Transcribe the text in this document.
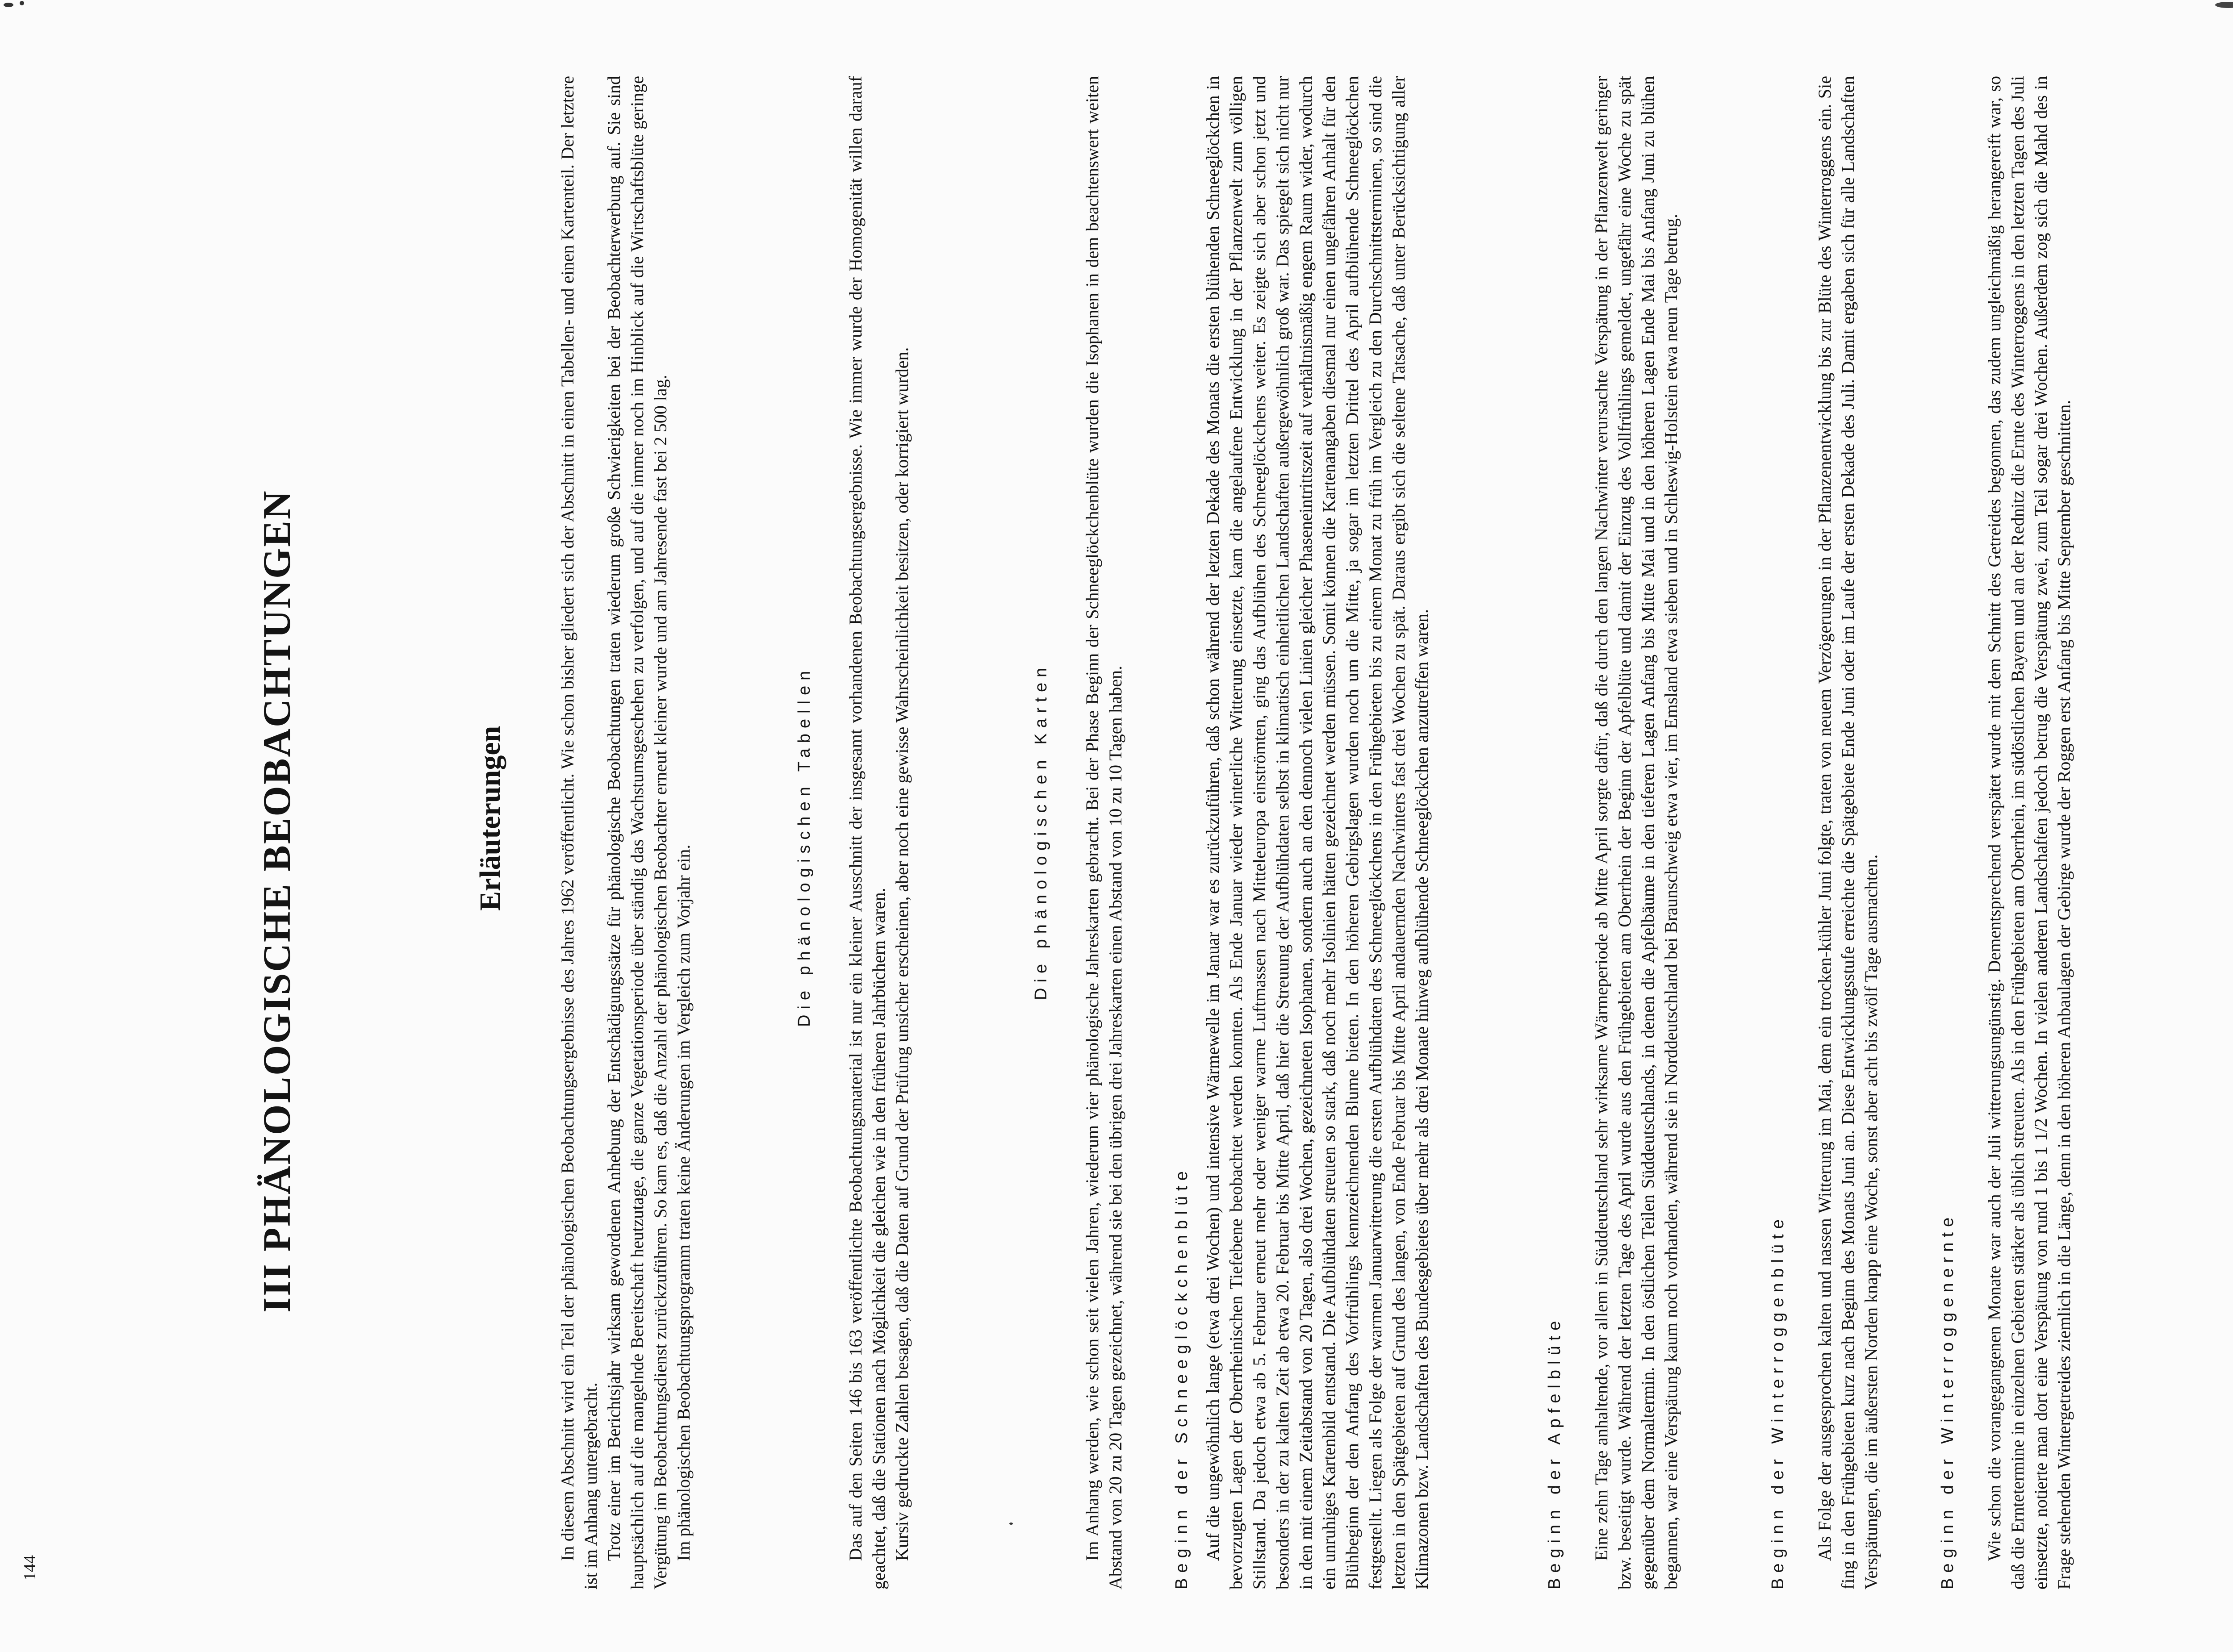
144
III PHÄNOLOGISCHE BEOBACHTUNGEN	Erläuterungen	In diesem Abschnitt wird ein Teil der phänologischen Beobachtungsergebnisse des Jahres 1962 veröffentlicht. Wie schon bisher gliedert sich der Abschnitt in einen Tabellen- und einen Kartenteil. Der letztere ist im Anhang untergebracht. Trotz einer im Berichtsjahr wirksam gewordenen Anhebung der Entschädigungssätze für phänologische Beobachtungen traten wiederum große Schwierigkeiten bei der Beobachterwerbung auf. Sie sind hauptsächlich auf die mangelnde Bereitschaft heutzutage, die ganze Vegetationsperiode über ständig das Wachstumsgeschehen zu verfolgen, und auf die immer noch im Hinblick auf die Wirtschaftsblüte geringe Vergütung im Beobachtungsdienst zurückzuführen. So kam es, daß die Anzahl der phänologischen Beobachter erneut kleiner wurde und am Jahresende fast bei 2 500 lag. Im phänologischen Beobachtungsprogramm traten keine Änderungen im Vergleich zum Vorjahr ein.	Die phänologischen Tabellen Das auf den Seiten 146 bis 163 veröffentlichte Beobachtungsmaterial ist nur ein kleiner Ausschnitt der insgesamt vorhandenen Beobachtungsergebnisse. Wie immer wurde der Homogenität willen darauf geachtet, daß die Stationen nach Möglichkeit die gleichen wie in den früheren Jahrbüchern waren. Kursiv gedruckte Zahlen besagen, daß die Daten auf Grund der Prüfung unsicher erscheinen, aber noch eine gewisse Wahrscheinlichkeit besitzen, oder korrigiert wurden.	Die phänologischen Karten Im Anhang werden, wie schon seit vielen Jahren, wiederum vier phänologische Jahreskarten gebracht. Bei der Phase Beginn der Schneeglöckchenblüte wurden die Isophanen in dem beachtenswert weiten Abstand von 20 zu 20 Tagen gezeichnet, während sie bei den übrigen drei Jahreskarten einen Abstand von 10 zu 10 Tagen haben.	Beginn der Schneeglöckchenblüte Auf die ungewöhnlich lange (etwa drei Wochen) und intensive Wärmewelle im Januar war es zurückzuführen, daß schon während der letzten Dekade des Monats die ersten blühenden Schneeglöckchen in bevorzugten Lagen der Oberrheinischen Tiefebene beobachtet werden konnten. Als Ende Januar wieder winterliche Witterung einsetzte, kam die angelaufene Entwicklung in der Pflanzenwelt zum völligen Stillstand. Da jedoch etwa ab 5. Februar erneut mehr oder weniger warme Luftmassen nach Mitteleuropa einströmten, ging das Aufblühen des Schneeglöckchens weiter. Es zeigte sich aber schon jetzt und besonders in der zu kalten Zeit ab etwa 20. Februar bis Mitte April, daß hier die Streuung der Aufblühdaten selbst in klimatisch einheitlichen Landschaften außergewöhnlich groß war. Das spiegelt sich nicht nur in den mit einem Zeitabstand von 20 Tagen, also drei Wochen, gezeichneten Isophanen, sondern auch an den dennoch vielen Linien gleicher Phaseneintrittszeit auf verhältnismäßig engem Raum wider, wodurch ein unruhiges Kartenbild entstand. Die Aufblühdaten streuten so stark, daß noch mehr Isolinien hätten gezeichnet werden müssen. Somit können die Kartenangaben diesmal nur einen ungefähren Anhalt für den Blühbeginn der den Anfang des Vorfrühlings kennzeichnenden Blume bieten. In den höheren Gebirgslagen wurden noch um die Mitte, ja sogar im letzten Drittel des April aufblühende Schneeglöckchen festgestellt. Liegen als Folge der warmen Januarwitterung die ersten Aufblühdaten des Schneeglöckchens in den Frühgebieten bis zu einem Monat zu früh im Vergleich zu den Durchschnittsterminen, so sind die letzten in den Spätgebieten auf Grund des langen, von Ende Februar bis Mitte April andauernden Nachwinters fast drei Wochen zu spät. Daraus ergibt sich die seltene Tatsache, daß unter Berücksichtigung aller Klimazonen bzw. Landschaften des Bundesgebietes über mehr als drei Monate hinweg aufblühende Schneeglöckchen anzutreffen waren.	Beginn der Apfelblüte Eine zehn Tage anhaltende, vor allem in Süddeutschland sehr wirksame Wärmeperiode ab Mitte April sorgte dafür, daß die durch den langen Nachwinter verursachte Verspätung in der Pflanzenwelt geringer bzw. beseitigt wurde. Während der letzten Tage des April wurde aus den Frühgebieten am Oberrhein der Beginn der Apfelblüte und damit der Einzug des Vollfrühlings gemeldet, ungefähr eine Woche zu spät gegenüber dem Normaltermin. In den östlichen Teilen Süddeutschlands, in denen die Apfelbäume in den tieferen Lagen Anfang bis Mitte Mai und in den höheren Lagen Ende Mai bis Anfang Juni zu blühen begannen, war eine Verspätung kaum noch vorhanden, während sie in Norddeutschland bei Braunschweig etwa vier, im Emsland etwa sieben und in Schleswig-Holstein etwa neun Tage betrug.	Beginn der Winterroggenblüte Als Folge der ausgesprochen kalten und nassen Witterung im Mai, dem ein trocken-kühler Juni folgte, traten von neuem Verzögerungen in der Pflanzenentwicklung bis zur Blüte des Winterroggens ein. Sie fing in den Frühgebieten kurz nach Beginn des Monats Juni an. Diese Entwicklungsstufe erreichte die Spätgebiete Ende Juni oder im Laufe der ersten Dekade des Juli. Damit ergaben sich für alle Landschaften Verspätungen, die im äußersten Norden knapp eine Woche, sonst aber acht bis zwölf Tage ausmachten.	Beginn der Winterroggenernte Wie schon die vorangegangenen Monate war auch der Juli witterungsungünstig. Dementsprechend verspätet wurde mit dem Schnitt des Getreides begonnen, das zudem ungleichmäßig herangereift war, so daß die Erntetermine in einzelnen Gebieten stärker als üblich streuten. Als in den Frühgebieten am Oberrhein, im südöstlichen Bayern und an der Rednitz die Ernte des Winterroggens in den letzten Tagen des Juli einsetzte, notierte man dort eine Verspätung von rund 1 bis 1 1/2 Wochen. In vielen anderen Landschaften jedoch betrug die Verspätung zwei, zum Teil sogar drei Wochen. Außerdem zog sich die Mahd des in Frage stehenden Wintergetreides ziemlich in die Länge, denn in den höheren Anbaulagen der Gebirge wurde der Roggen erst Anfang bis Mitte September geschnitten.
